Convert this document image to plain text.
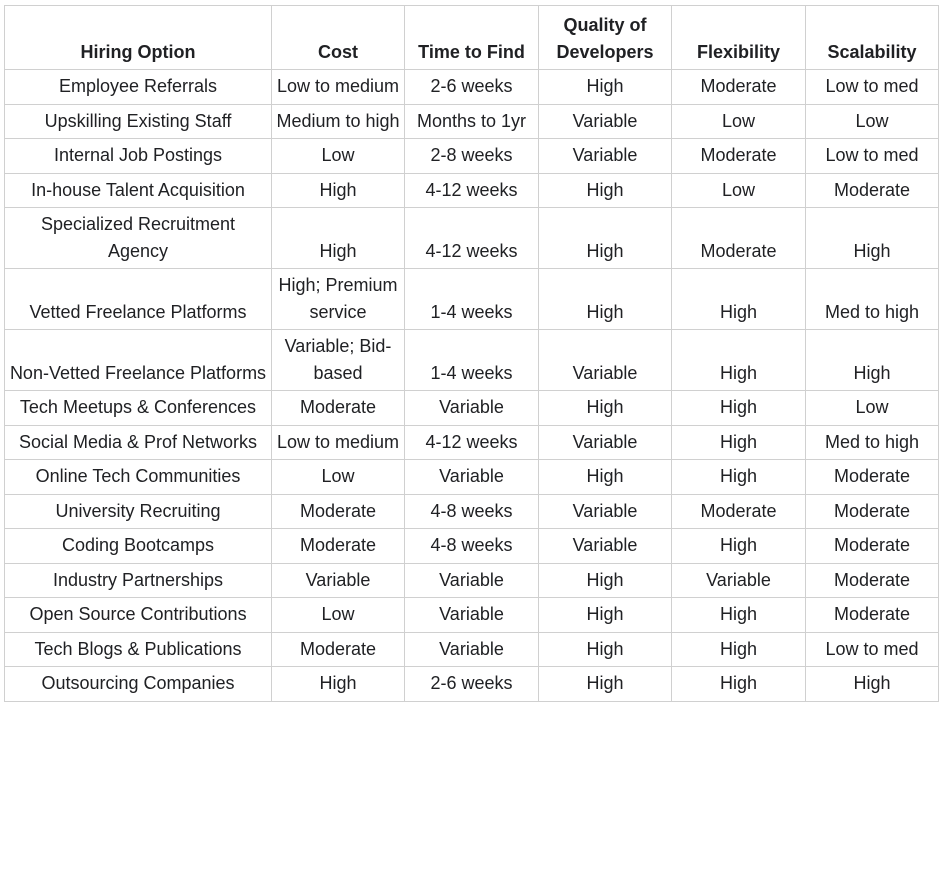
Hiring Option	Cost	Time to Find	Quality of Developers	Flexibility	Scalability
Employee Referrals	Low to medium	2-6 weeks	High	Moderate	Low to med
Upskilling Existing Staff	Medium to high	Months to 1yr	Variable	Low	Low
Internal Job Postings	Low	2-8 weeks	Variable	Moderate	Low to med
In-house Talent Acquisition	High	4-12 weeks	High	Low	Moderate
Specialized Recruitment Agency	High	4-12 weeks	High	Moderate	High
Vetted Freelance Platforms	High; Premium service	1-4 weeks	High	High	Med to high
Non-Vetted Freelance Platforms	Variable; Bid-based	1-4 weeks	Variable	High	High
Tech Meetups & Conferences	Moderate	Variable	High	High	Low
Social Media & Prof Networks	Low to medium	4-12 weeks	Variable	High	Med to high
Online Tech Communities	Low	Variable	High	High	Moderate
University Recruiting	Moderate	4-8 weeks	Variable	Moderate	Moderate
Coding Bootcamps	Moderate	4-8 weeks	Variable	High	Moderate
Industry Partnerships	Variable	Variable	High	Variable	Moderate
Open Source Contributions	Low	Variable	High	High	Moderate
Tech Blogs & Publications	Moderate	Variable	High	High	Low to med
Outsourcing Companies	High	2-6 weeks	High	High	High
